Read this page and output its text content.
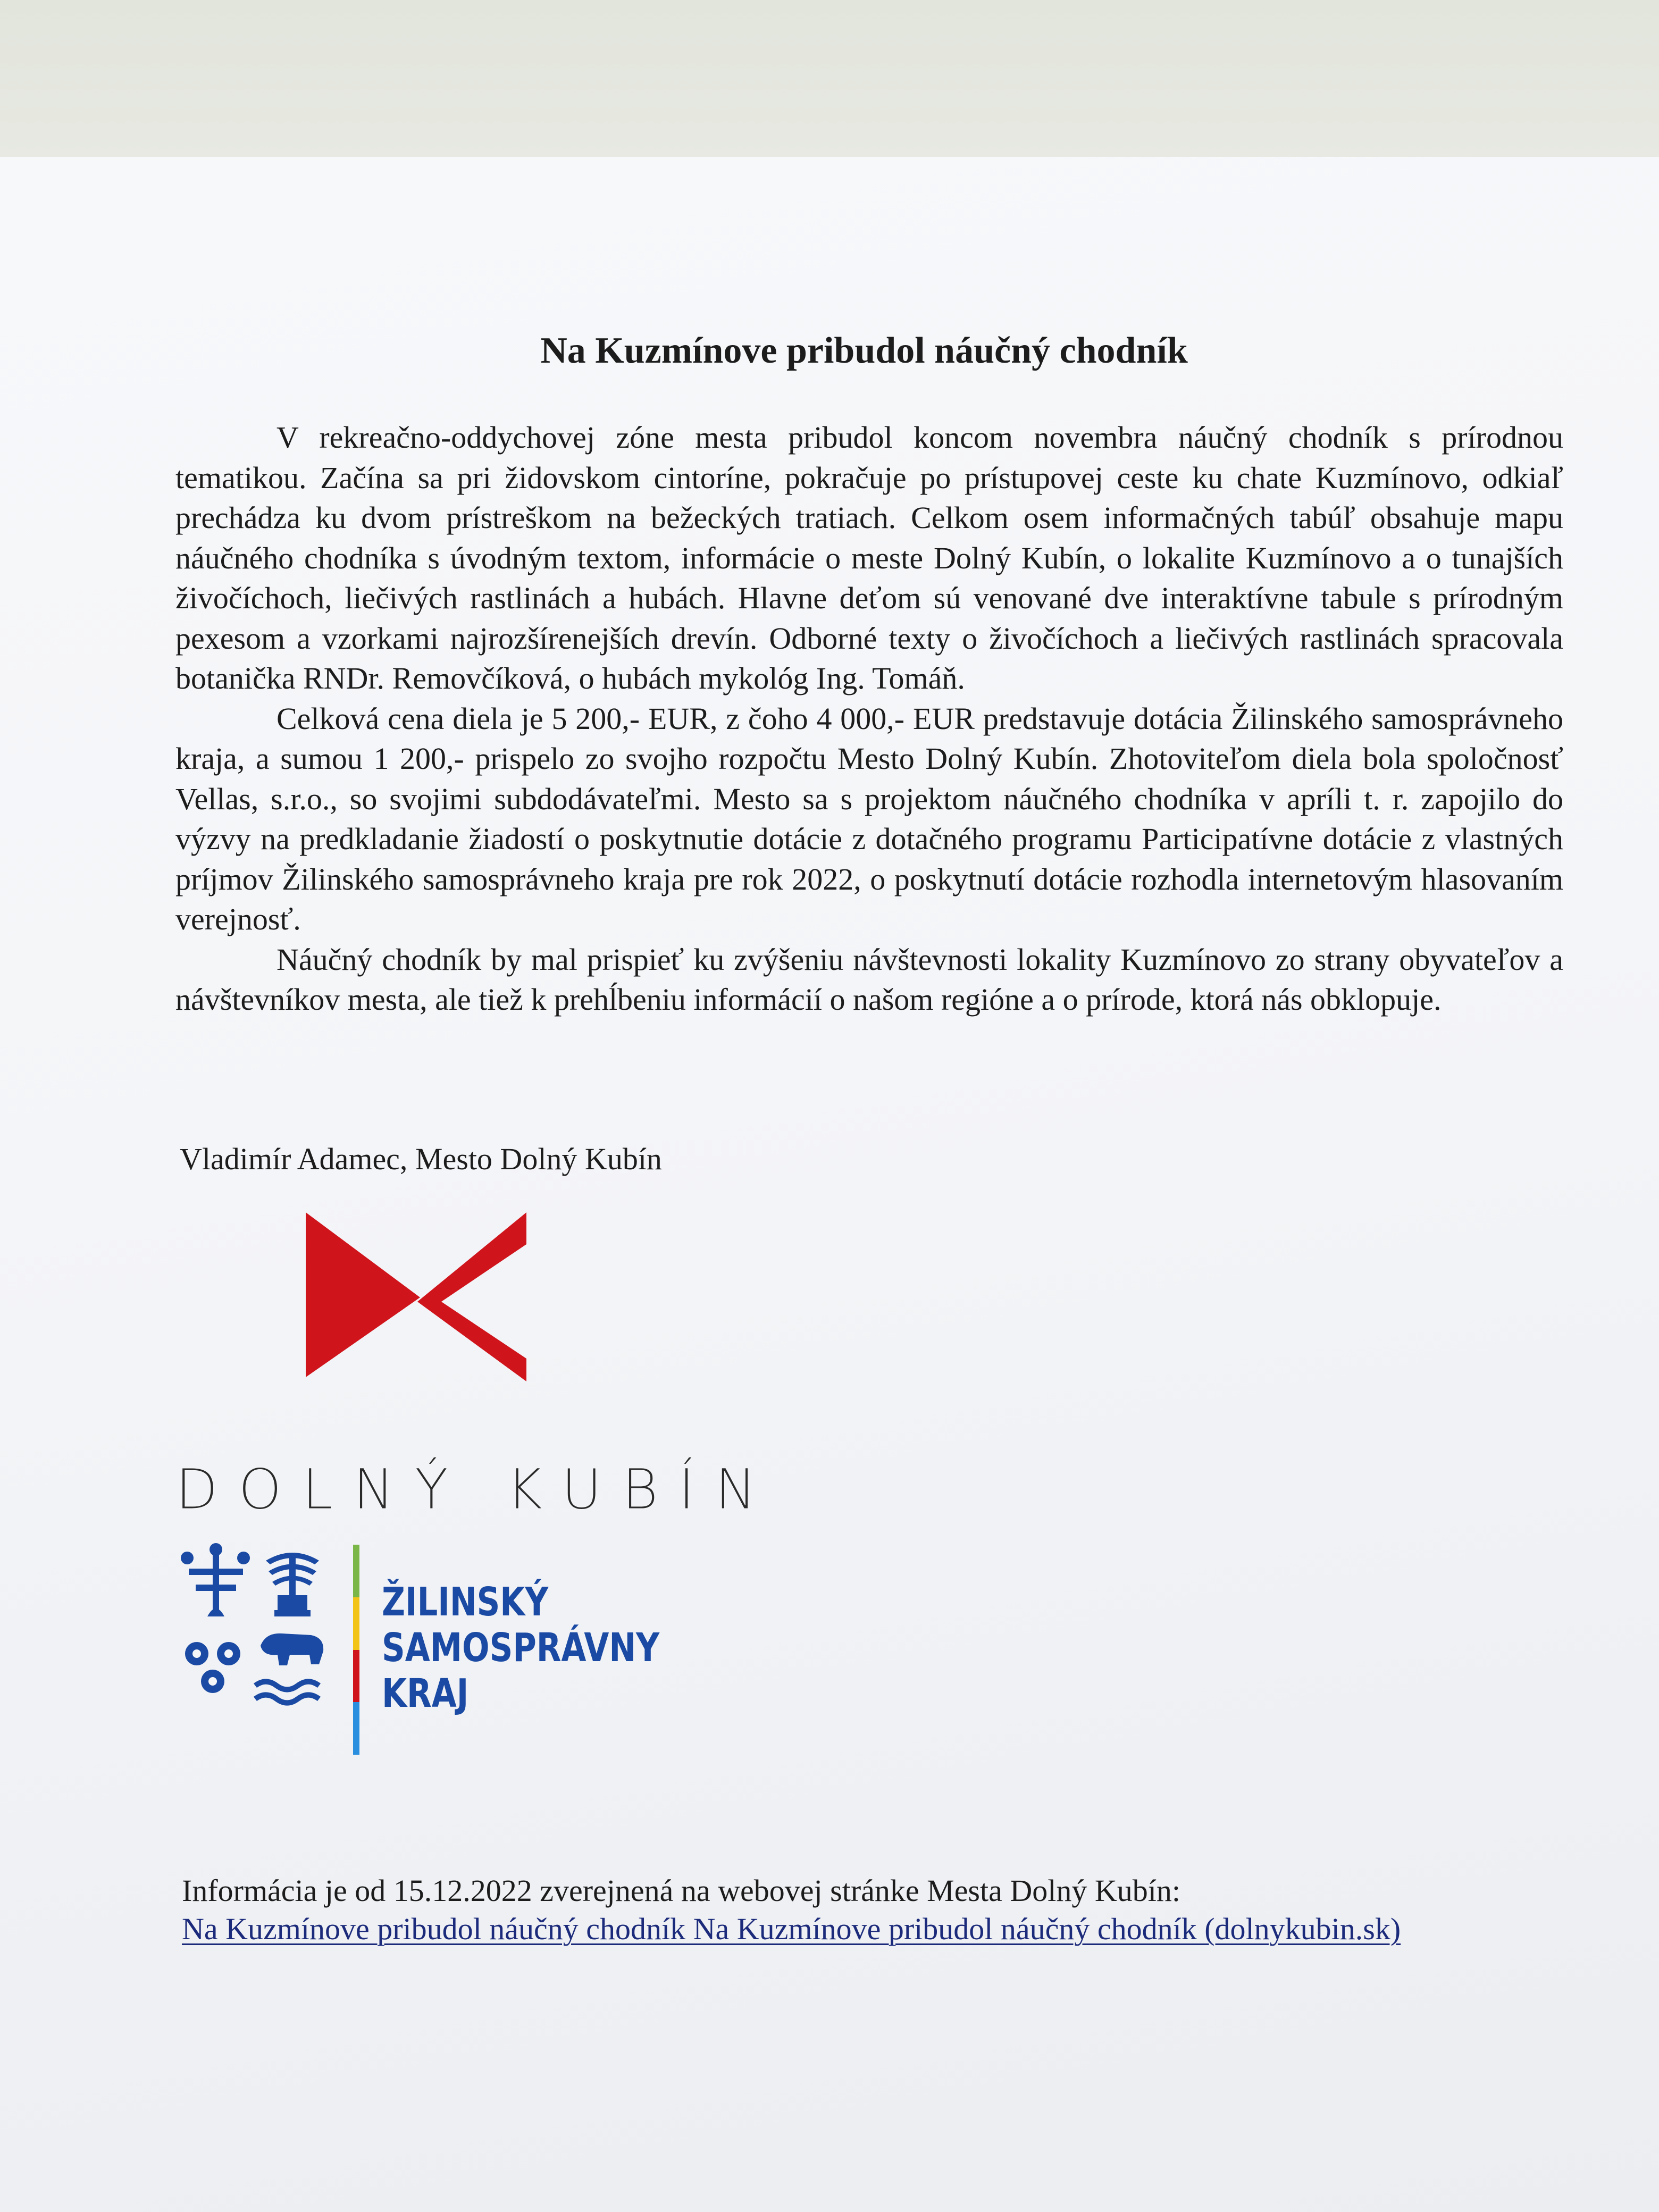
Na Kuzmínove pribudol náučný chodník

V rekreačno-oddychovej zóne mesta pribudol koncom novembra náučný chodník s prírodnou tematikou. Začína sa pri židovskom cintoríne, pokračuje po prístupovej ceste ku chate Kuzmínovo, odkiaľ prechádza ku dvom prístreškom na bežeckých tratiach. Celkom osem informačných tabúľ obsahuje mapu náučného chodníka s úvodným textom, informácie o meste Dolný Kubín, o lokalite Kuzmínovo a o tunajších živočíchoch, liečivých rastlinách a hubách. Hlavne deťom sú venované dve interaktívne tabule s prírodným pexesom a vzorkami najrozšírenejších drevín. Odborné texty o živočíchoch a liečivých rastlinách spracovala botanička RNDr. Removčíková, o hubách mykológ Ing. Tomáň.

Celková cena diela je 5 200,- EUR, z čoho 4 000,- EUR predstavuje dotácia Žilinského samosprávneho kraja, a sumou 1 200,- prispelo zo svojho rozpočtu Mesto Dolný Kubín. Zhotoviteľom diela bola spoločnosť Vellas, s.r.o., so svojimi subdodávateľmi. Mesto sa s projektom náučného chodníka v apríli t. r. zapojilo do výzvy na predkladanie žiadostí o poskytnutie dotácie z dotačného programu Participatívne dotácie z vlastných príjmov Žilinského samosprávneho kraja pre rok 2022, o poskytnutí dotácie rozhodla internetovým hlasovaním verejnosť.

Náučný chodník by mal prispieť ku zvýšeniu návštevnosti lokality Kuzmínovo zo strany obyvateľov a návštevníkov mesta, ale tiež k prehĺbeniu informácií o našom regióne a o prírode, ktorá nás obklopuje.

Vladimír Adamec, Mesto Dolný Kubín

DOLNÝ KUBÍN
ŽILINSKÝ
SAMOSPRÁVNY
KRAJ
Informácia je od 15.12.2022 zverejnená na webovej stránke Mesta Dolný Kubín:
Na Kuzmínove pribudol náučný chodník Na Kuzmínove pribudol náučný chodník (dolnykubin.sk)
